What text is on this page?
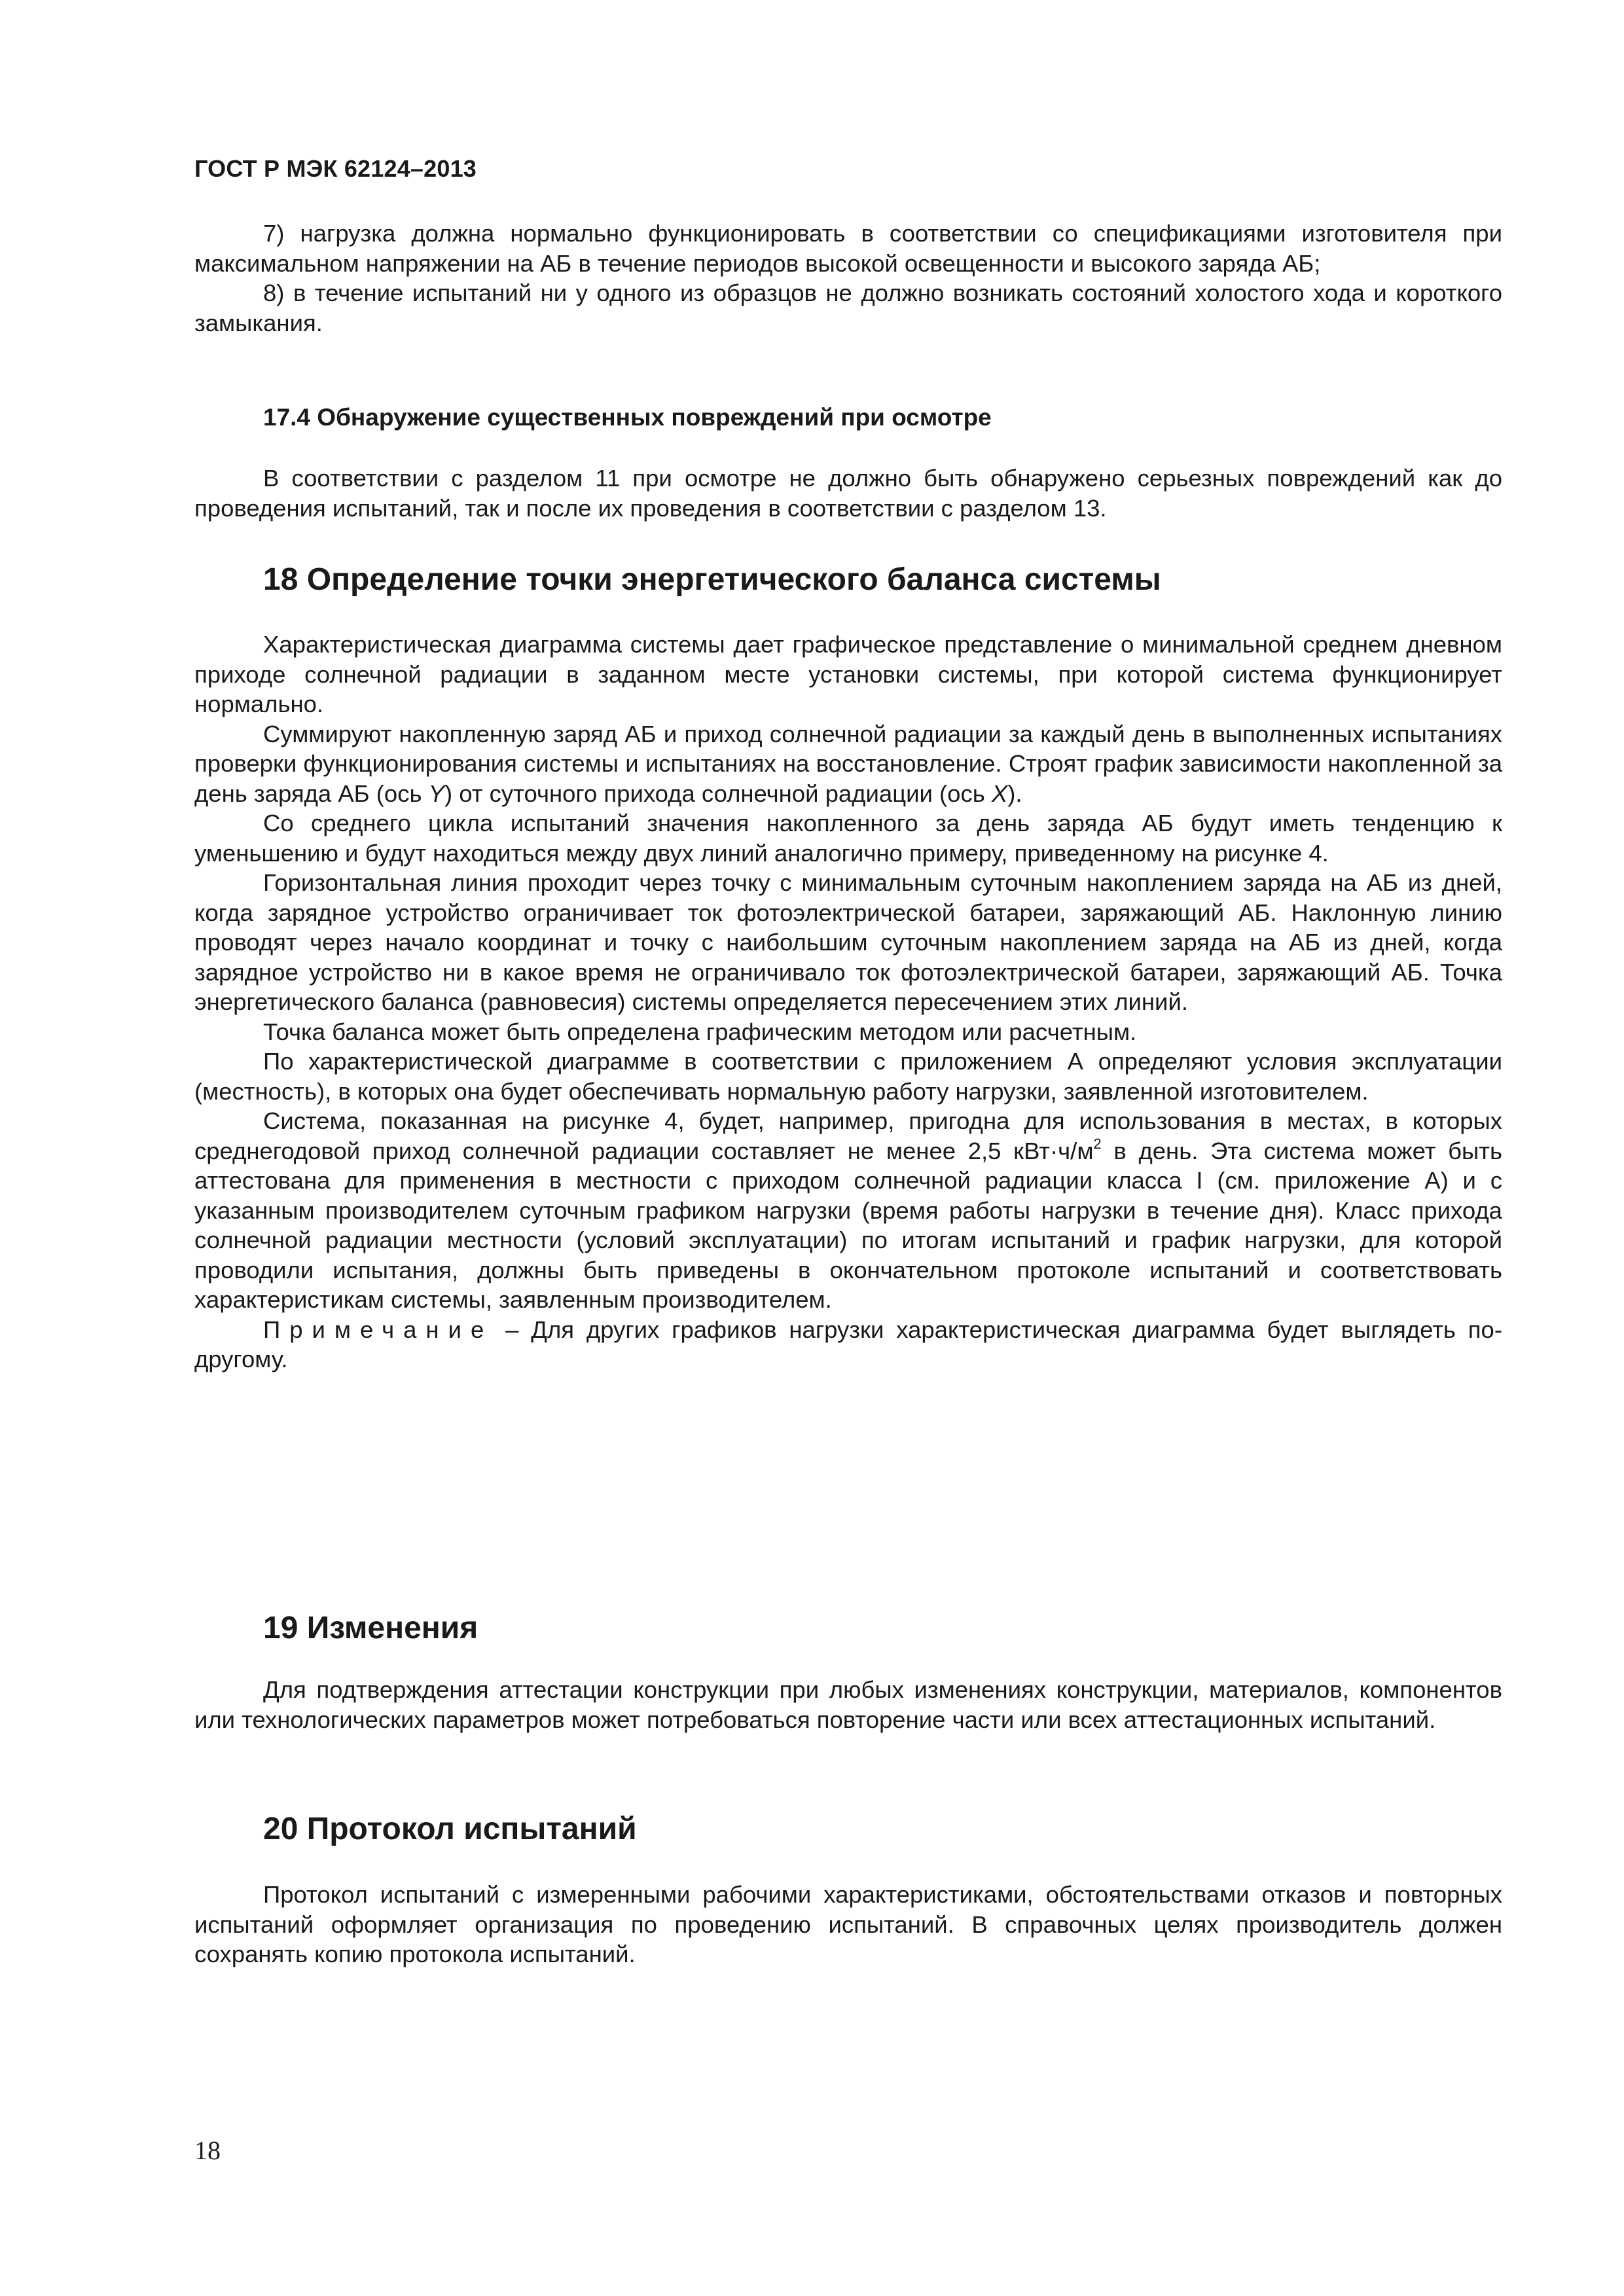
ГОСТ Р МЭК 62124–2013

7) нагрузка должна нормально функционировать в соответствии со спецификациями изготовителя при максимальном напряжении на АБ в течение периодов высокой освещенности и высокого заряда АБ;

8) в течение испытаний ни у одного из образцов не должно возникать состояний холостого хода и короткого замыкания.

17.4 Обнаружение существенных повреждений при осмотре

В соответствии с разделом 11 при осмотре не должно быть обнаружено серьезных повреждений как до проведения испытаний, так и после их проведения в соответствии с разделом 13.

18 Определение точки энергетического баланса системы

Характеристическая диаграмма системы дает графическое представление о минимальной среднем дневном приходе солнечной радиации в заданном месте установки системы, при которой система функционирует нормально.

Суммируют накопленную заряд АБ и приход солнечной радиации за каждый день в выполненных испытаниях проверки функционирования системы и испытаниях на восстановление. Строят график зависимости накопленной за день заряда АБ (ось Y) от суточного прихода солнечной радиации (ось X).

Со среднего цикла испытаний значения накопленного за день заряда АБ будут иметь тенденцию к уменьшению и будут находиться между двух линий аналогично примеру, приведенному на рисунке 4.

Горизонтальная линия проходит через точку с минимальным суточным накоплением заряда на АБ из дней, когда зарядное устройство ограничивает ток фотоэлектрической батареи, заряжающий АБ. Наклонную линию проводят через начало координат и точку с наибольшим суточным накоплением заряда на АБ из дней, когда зарядное устройство ни в какое время не ограничивало ток фотоэлектрической батареи, заряжающий АБ. Точка энергетического баланса (равновесия) системы определяется пересечением этих линий.

Точка баланса может быть определена графическим методом или расчетным.

По характеристической диаграмме в соответствии с приложением А определяют условия эксплуатации (местность), в которых она будет обеспечивать нормальную работу нагрузки, заявленной изготовителем.

Система, показанная на рисунке 4, будет, например, пригодна для использования в местах, в которых среднегодовой приход солнечной радиации составляет не менее 2,5 $кВт\cdot ч/м^2$ в день. Эта система может быть аттестована для применения в местности с приходом солнечной радиации класса I (см. приложение А) и с указанным производителем суточным графиком нагрузки (время работы нагрузки в течение дня). Класс прихода солнечной радиации местности (условий эксплуатации) по итогам испытаний и график нагрузки, для которой проводили испытания, должны быть приведены в окончательном протоколе испытаний и соответствовать характеристикам системы, заявленным производителем.

Примечание – Для других графиков нагрузки характеристическая диаграмма будет выглядеть по-другому.

19 Изменения

Для подтверждения аттестации конструкции при любых изменениях конструкции, материалов, компонентов или технологических параметров может потребоваться повторение части или всех аттестационных испытаний.

20 Протокол испытаний

Протокол испытаний с измеренными рабочими характеристиками, обстоятельствами отказов и повторных испытаний оформляет организация по проведению испытаний. В справочных целях производитель должен сохранять копию протокола испытаний.

18
